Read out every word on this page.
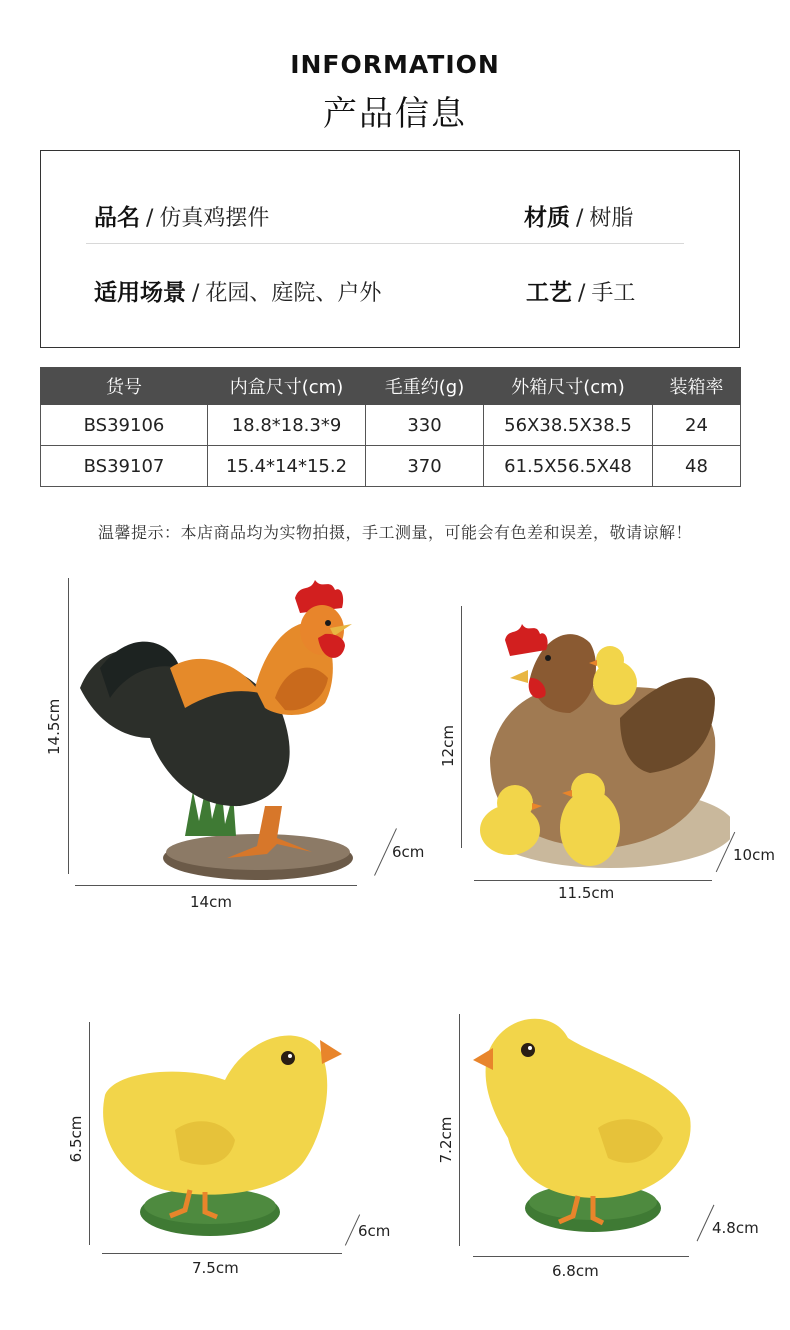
INFORMATION
产品信息
品名 / 仿真鸡摆件	材质 / 树脂
适用场景 / 花园、庭院、户外	工艺 / 手工
货号	内盒尺寸(cm)	毛重约(g)	外箱尺寸(cm)	装箱率
BS39106	18.8*18.3*9	330	56X38.5X38.5	24
BS39107	15.4*14*15.2	370	61.5X56.5X48	48
温馨提示：本店商品均为实物拍摄，手工测量，可能会有色差和误差，敬请谅解！
14.5cm
14cm
6cm
12cm
11.5cm
10cm
6.5cm
7.5cm
6cm
7.2cm
6.8cm
4.8cm
